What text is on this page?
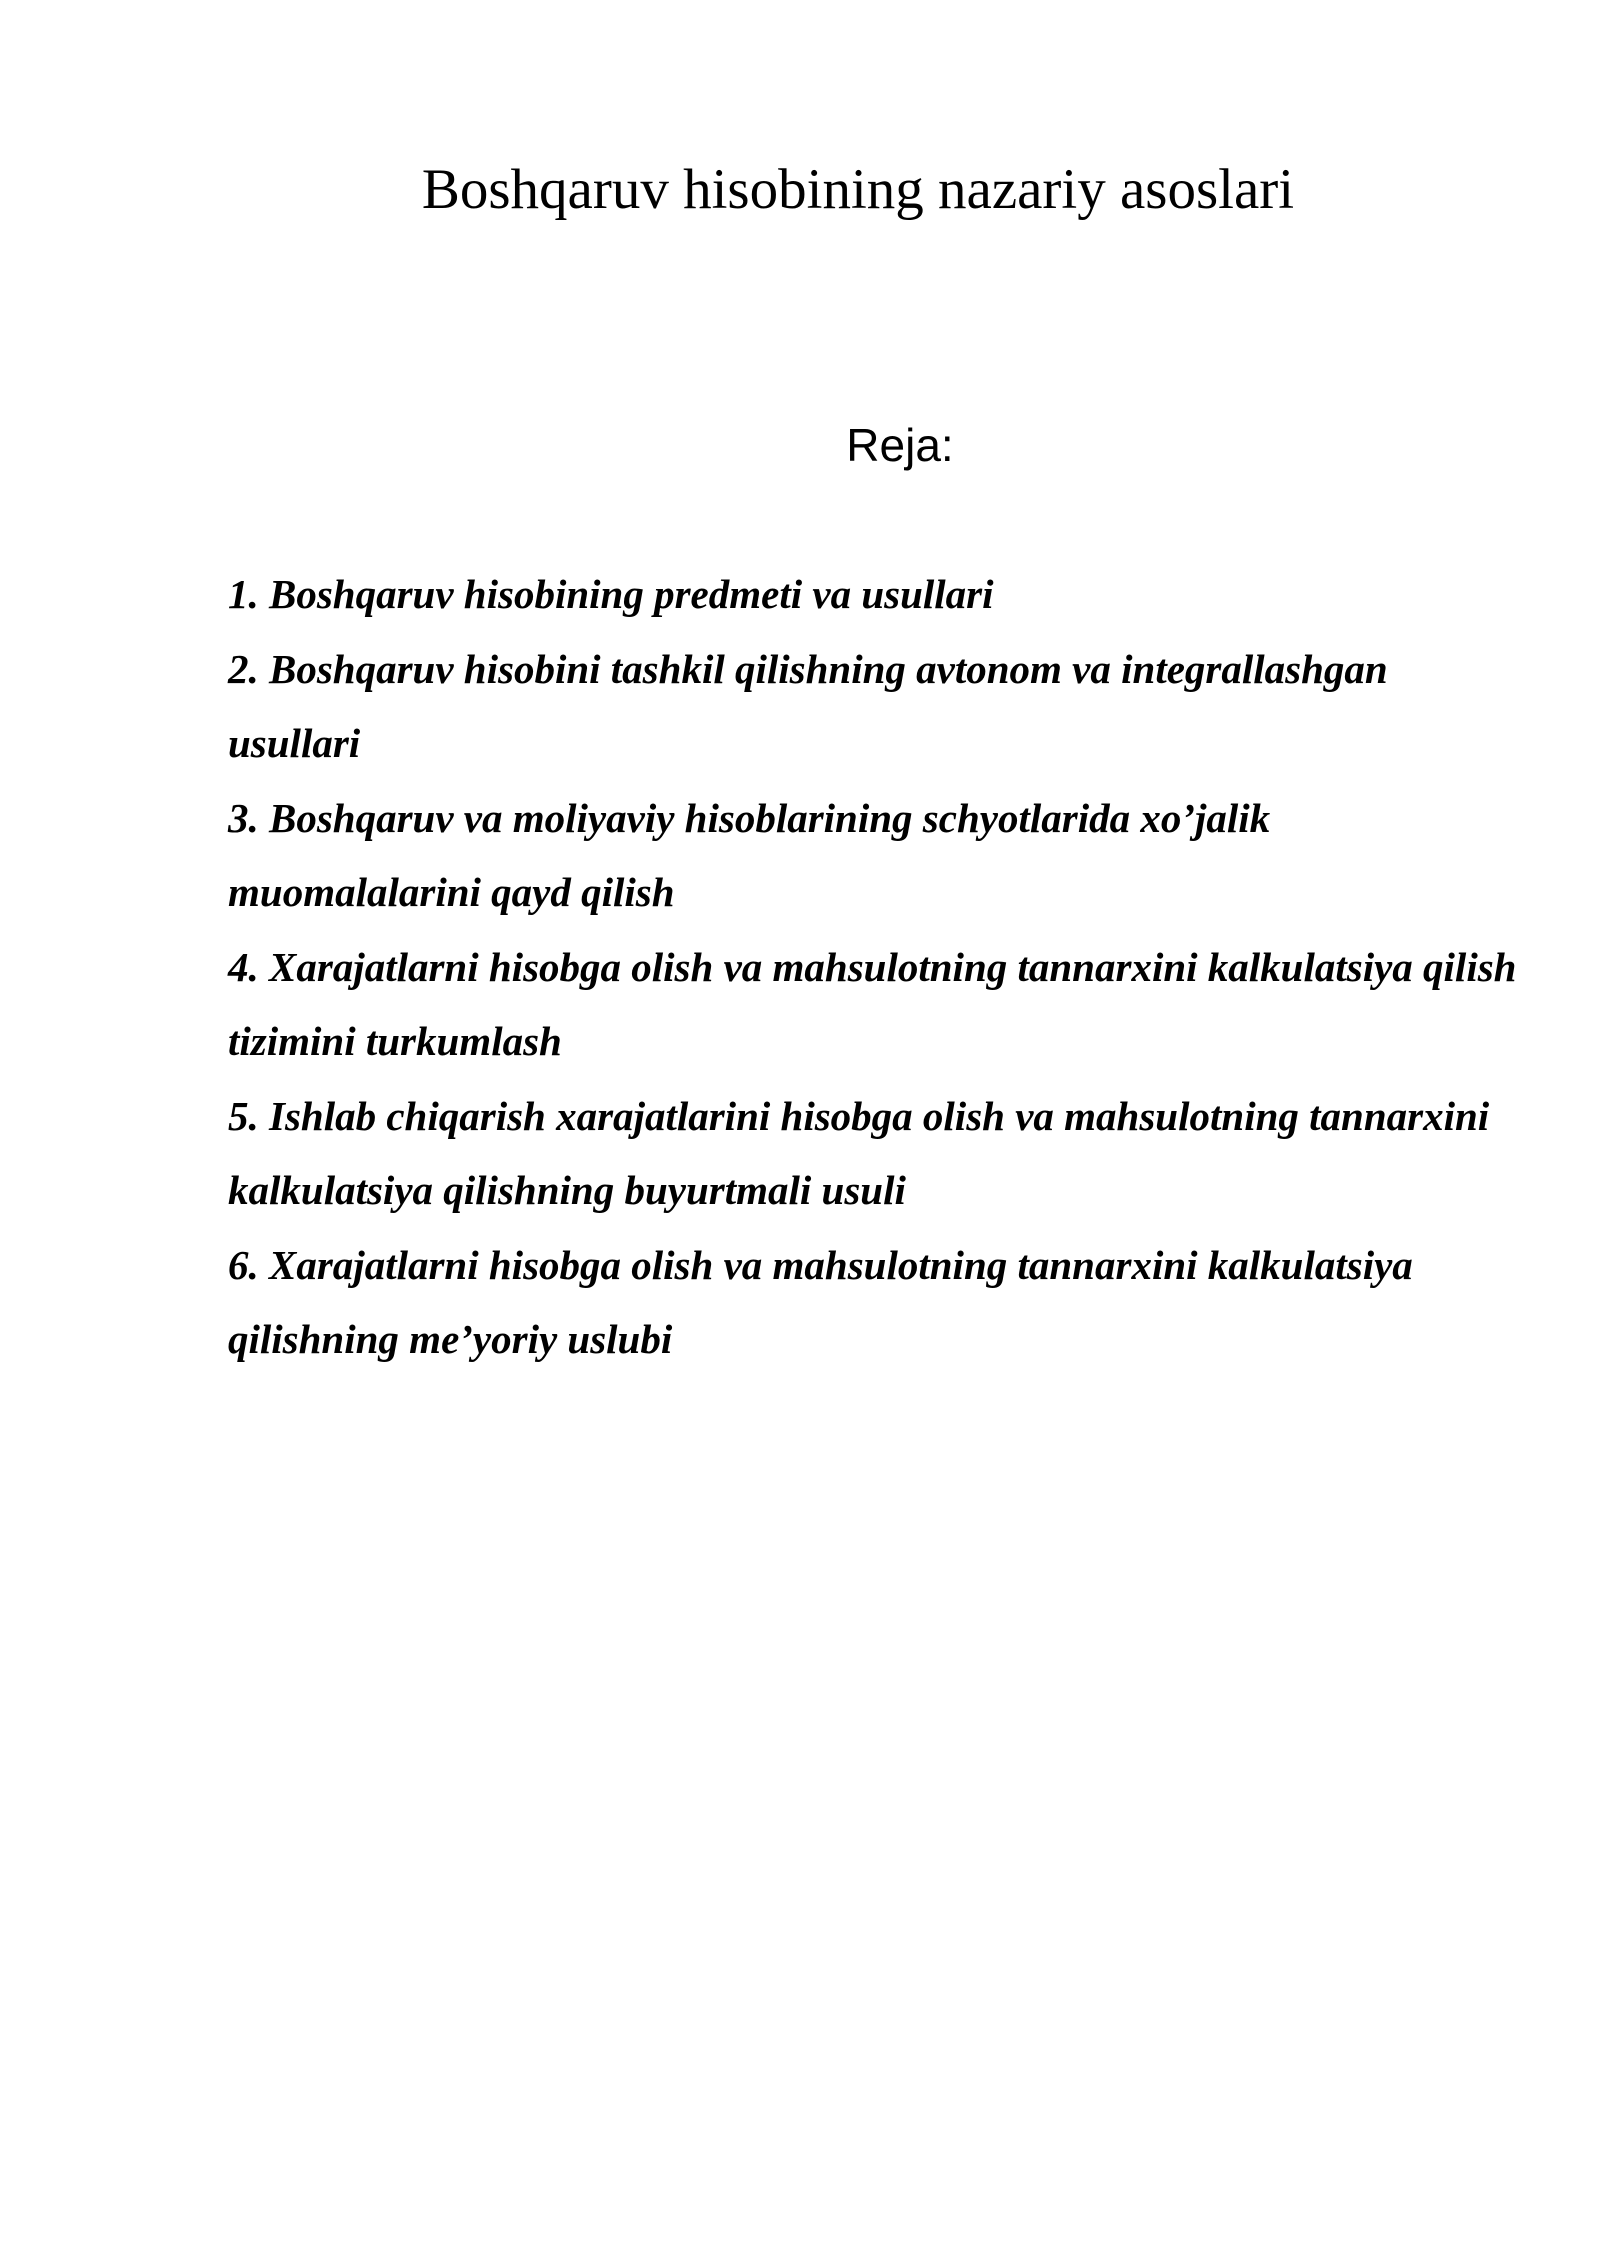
Boshqaruv hisobining nazariy asoslari
Reja:
1. Boshqaruv hisobining predmeti va usullari
2. Boshqaruv hisobini tashkil qilishning avtonom va integrallashgan usullari
3. Boshqaruv va moliyaviy hisoblarining schyotlarida xo’jalik muomalalarini qayd qilish
4. Xarajatlarni hisobga olish va mahsulotning tannarxini kalkulatsiya qilish tizimini turkumlash
5. Ishlab chiqarish xarajatlarini hisobga olish va mahsulotning tannarxini kalkulatsiya qilishning buyurtmali usuli
6. Xarajatlarni hisobga olish va mahsulotning tannarxini kalkulatsiya qilishning me’yoriy uslubi
